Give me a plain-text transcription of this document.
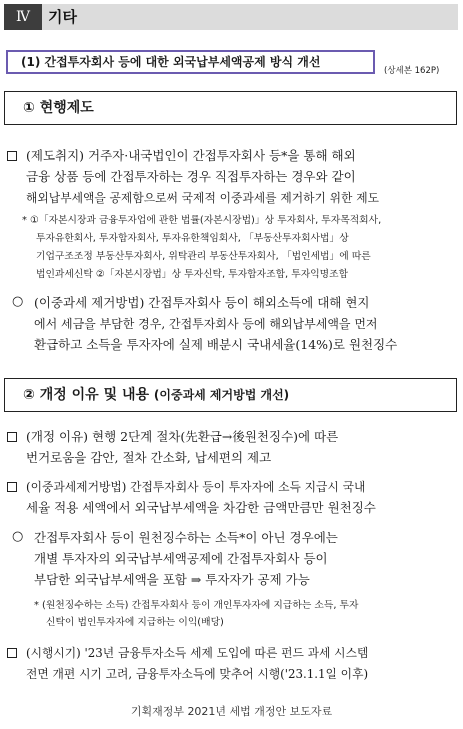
Ⅳ	기타
(1) 간접투자회사 등에 대한 외국납부세액공제 방식 개선
(상세본 162P)
① 현행제도
(제도취지) 거주자·내국법인이 간접투자회사 등*을 통해 해외
금융 상품 등에 간접투자하는 경우 직접투자하는 경우와 같이
해외납부세액을 공제함으로써 국제적 이중과세를 제거하기 위한 제도
* ①「자본시장과 금융투자업에 관한 법률(자본시장법)」상 투자회사, 투자목적회사,
투자유한회사, 투자합자회사, 투자유한책임회사, 「부동산투자회사법」상
기업구조조정 부동산투자회사, 위탁관리 부동산투자회사, 「법인세법」에 따른
법인과세신탁 ②「자본시장법」상 투자신탁, 투자합자조합, 투자익명조합
○ (이중과세 제거방법) 간접투자회사 등이 해외소득에 대해 현지
에서 세금을 부담한 경우, 간접투자회사 등에 해외납부세액을 먼저
환급하고 소득을 투자자에 실제 배분시 국내세율(14%)로 원천징수
② 개정 이유 및 내용 (이중과세 제거방법 개선)
(개정 이유) 현행 2단계 절차(先환급→後원천징수)에 따른
번거로움을 감안, 절차 간소화, 납세편의 제고
(이중과세제거방법) 간접투자회사 등이 투자자에 소득 지급시 국내
세율 적용 세액에서 외국납부세액을 차감한 금액만큼만 원천징수
○ 간접투자회사 등이 원천징수하는 소득*이 아닌 경우에는
개별 투자자의 외국납부세액공제에 간접투자회사 등이
부담한 외국납부세액을 포함 ⇒ 투자자가 공제 가능
* (원천징수하는 소득) 간접투자회사 등이 개인투자자에 지급하는 소득, 투자
신탁이 법인투자자에 지급하는 이익(배당)
(시행시기) '23년 금융투자소득 세제 도입에 따른 펀드 과세 시스템
전면 개편 시기 고려, 금융투자소득에 맞추어 시행('23.1.1일 이후)
기획재정부 2021년 세법 개정안 보도자료
